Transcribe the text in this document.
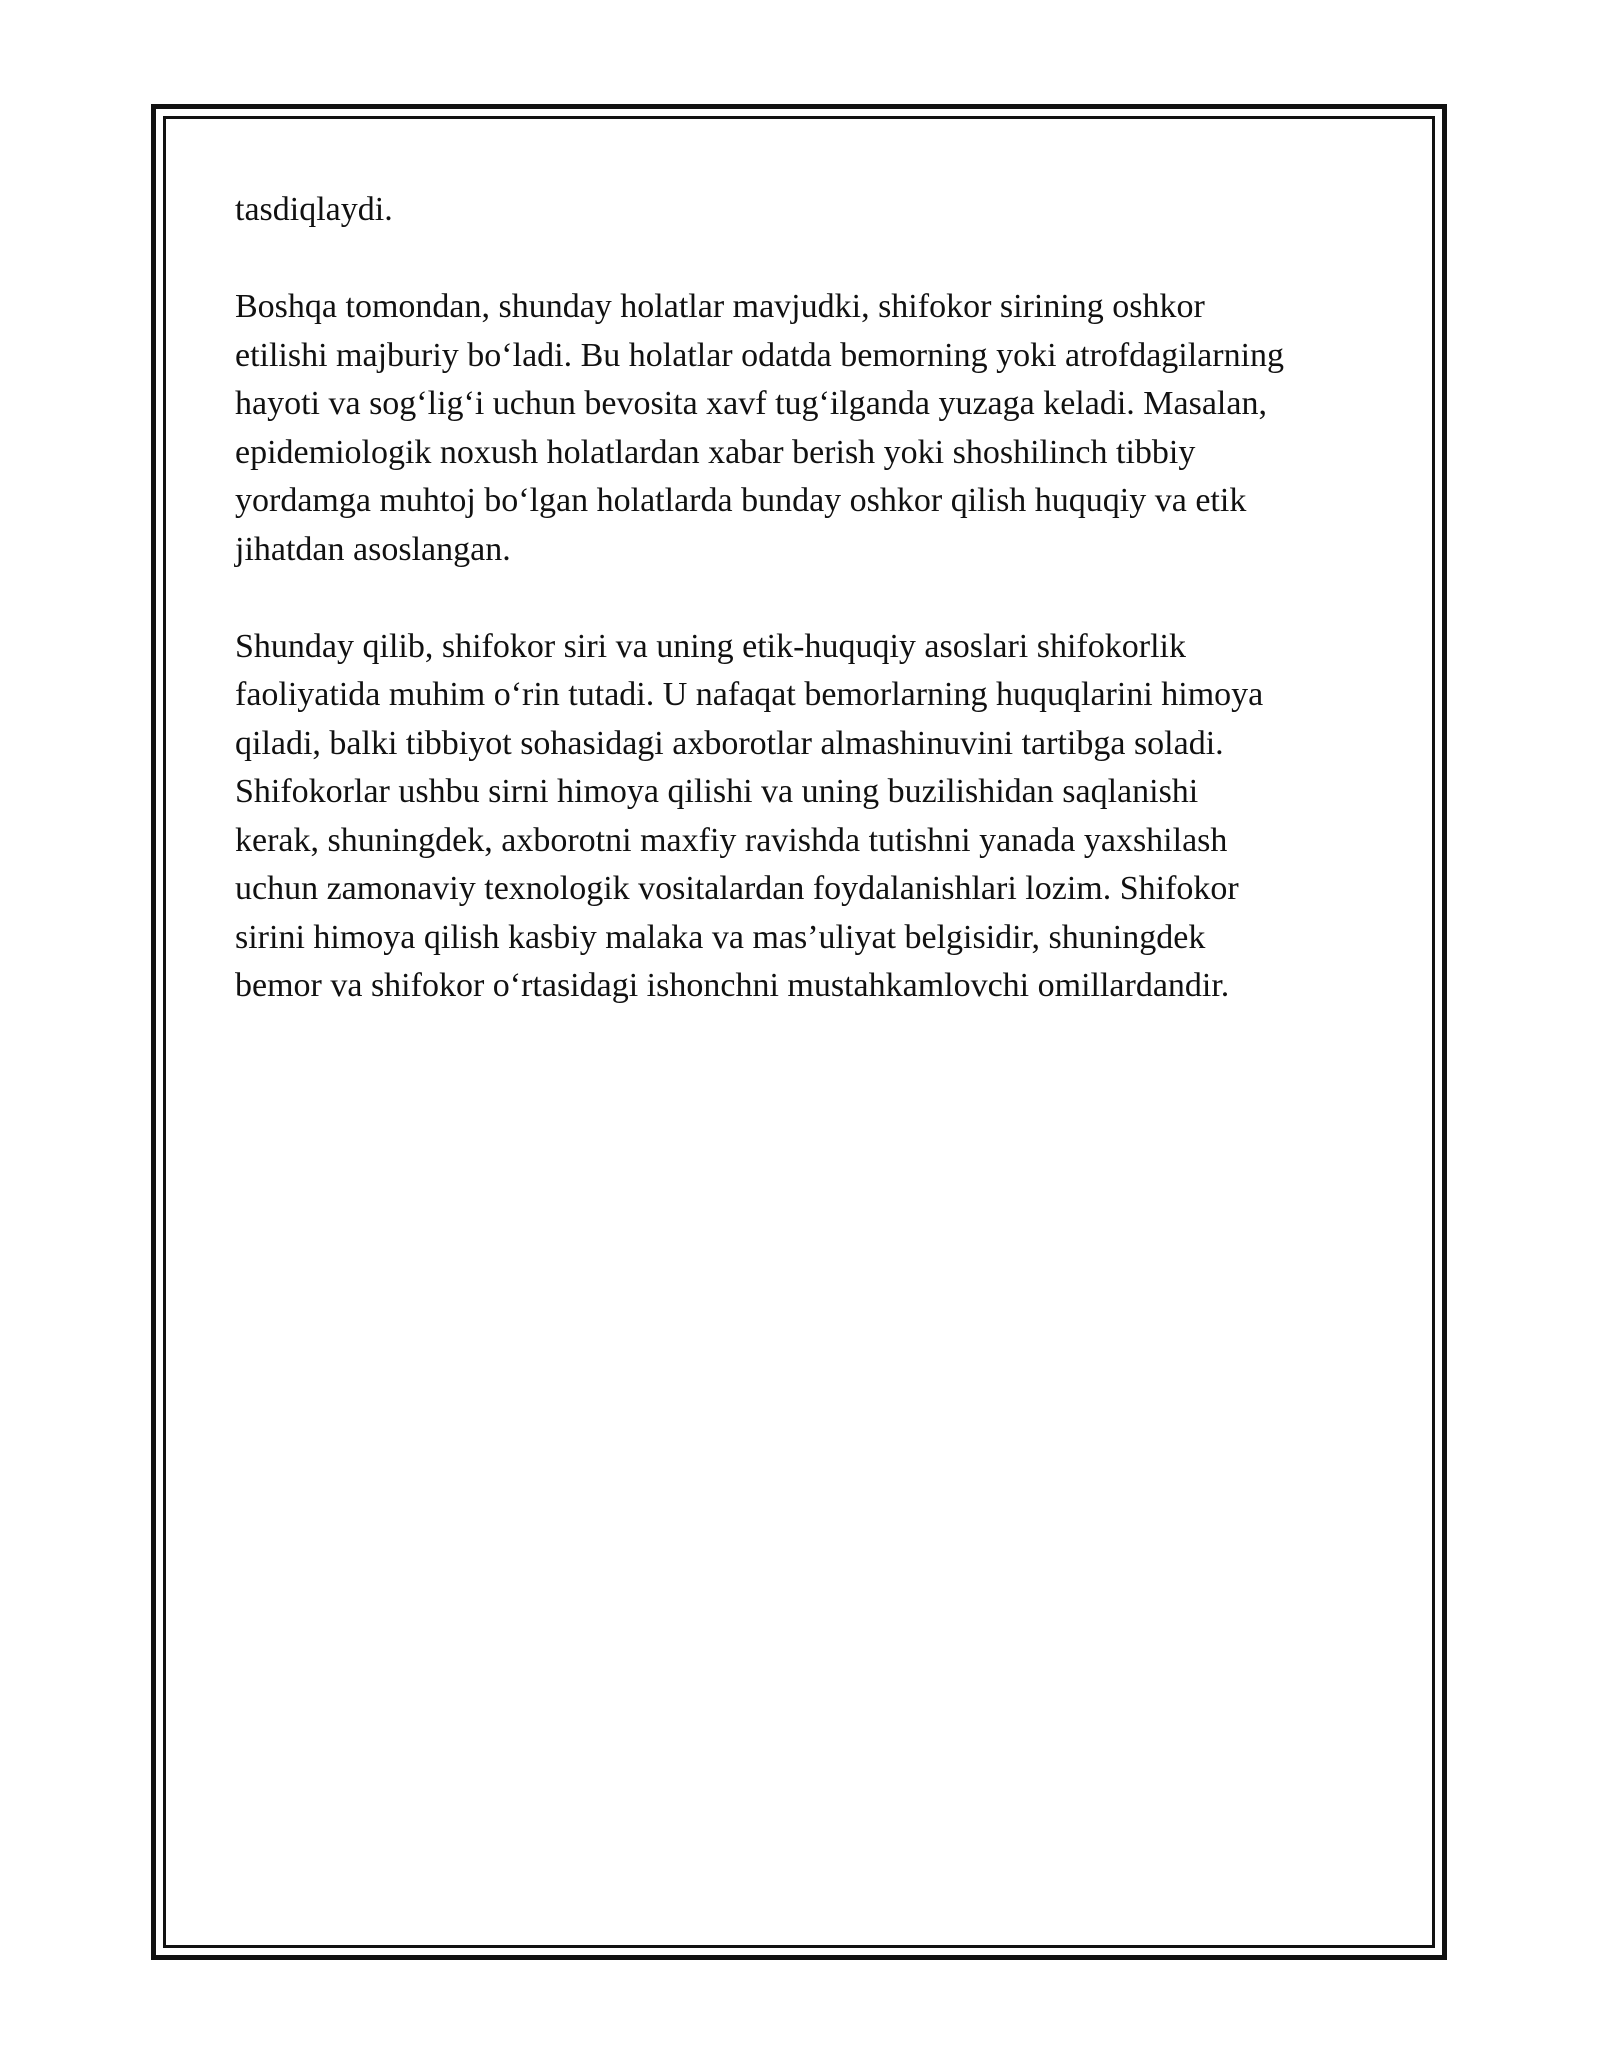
tasdiqlaydi.

Boshqa tomondan, shunday holatlar mavjudki, shifokor sirining oshkor
etilishi majburiy bo‘ladi. Bu holatlar odatda bemorning yoki atrofdagilarning
hayoti va sog‘lig‘i uchun bevosita xavf tug‘ilganda yuzaga keladi. Masalan,
epidemiologik noxush holatlardan xabar berish yoki shoshilinch tibbiy
yordamga muhtoj bo‘lgan holatlarda bunday oshkor qilish huquqiy va etik
jihatdan asoslangan.

Shunday qilib, shifokor siri va uning etik-huquqiy asoslari shifokorlik
faoliyatida muhim o‘rin tutadi. U nafaqat bemorlarning huquqlarini himoya
qiladi, balki tibbiyot sohasidagi axborotlar almashinuvini tartibga soladi.
Shifokorlar ushbu sirni himoya qilishi va uning buzilishidan saqlanishi
kerak, shuningdek, axborotni maxfiy ravishda tutishni yanada yaxshilash
uchun zamonaviy texnologik vositalardan foydalanishlari lozim. Shifokor
sirini himoya qilish kasbiy malaka va mas’uliyat belgisidir, shuningdek
bemor va shifokor o‘rtasidagi ishonchni mustahkamlovchi omillardandir.
